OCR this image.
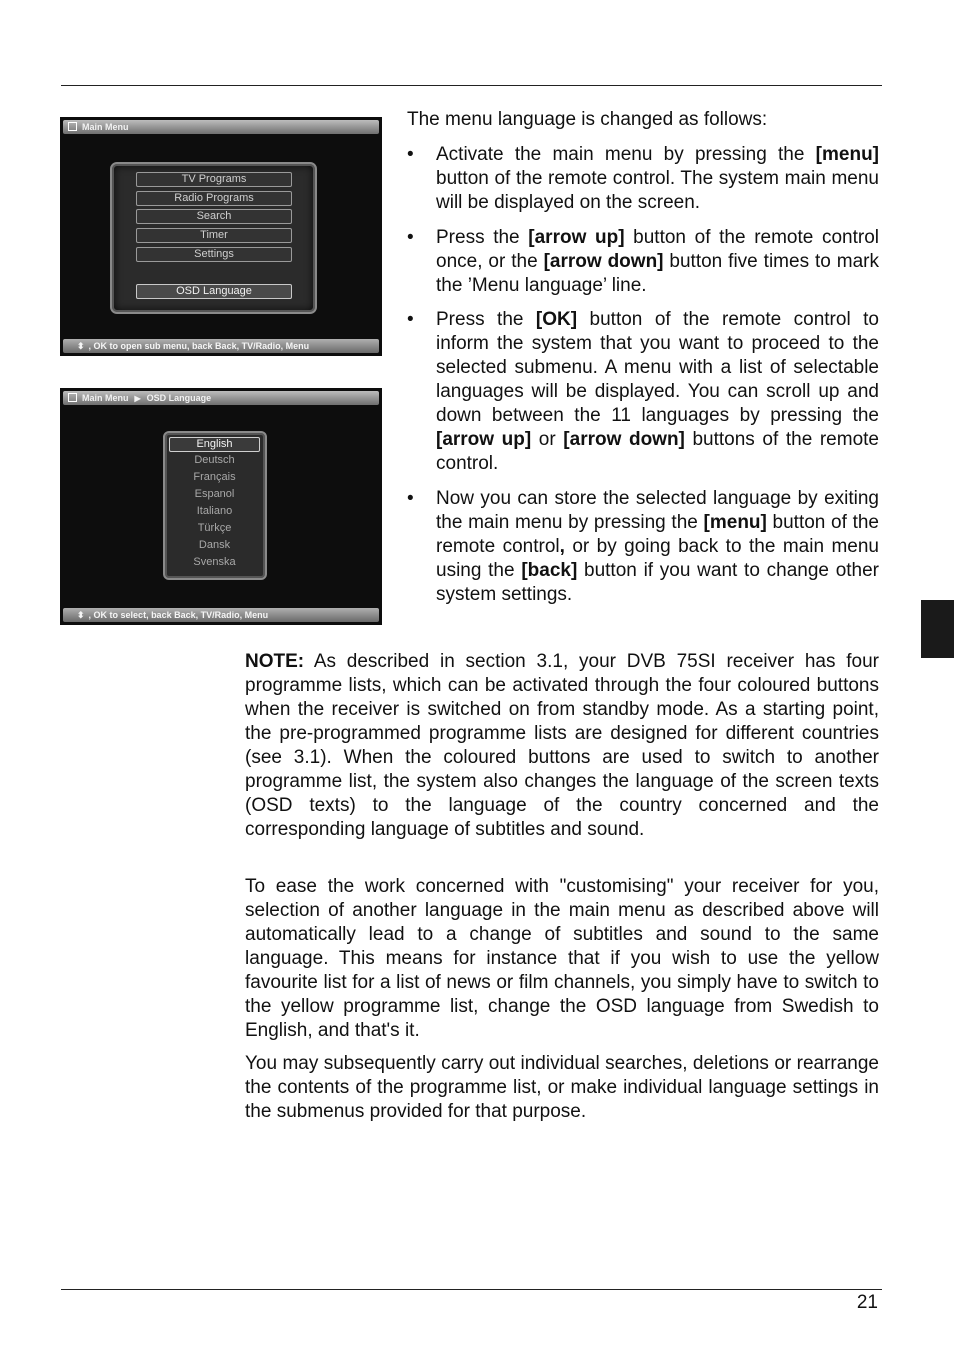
Main Menu
TV Programs
Radio Programs
Search
Timer
Settings
OSD Language
⬍ , OK to open sub menu, back Back, TV/Radio, Menu
Main Menu ▶ OSD Language
English
Deutsch
Français
Espanol
Italiano
Türkçe
Dansk
Svenska
⬍ , OK to select, back Back, TV/Radio, Menu

The menu language is changed as follows:

• Activate the main menu by pressing the [menu] button of the remote control. The system main menu will be displayed on the screen.
• Press the [arrow up] button of the remote control once, or the [arrow down] button five times to mark the ’Menu language’ line.
• Press the [OK] button of the remote control to inform the system that you want to proceed to the selected submenu. A menu with a list of selectable languages will be displayed. You can scroll up and down between the 11 languages by pressing the [arrow up] or [arrow down] buttons of the remote control.
• Now you can store the selected language by exiting the main menu by pressing the [menu] button of the remote control, or by going back to the main menu using the [back] button if you want to change other system settings.

NOTE: As described in section 3.1, your DVB 75SI receiver has four programme lists, which can be activated through the four coloured buttons when the receiver is switched on from standby mode. As a starting point, the pre-programmed programme lists are designed for different countries (see 3.1). When the coloured buttons are used to switch to another programme list, the system also changes the language of the screen texts (OSD texts) to the language of the country concerned and the corresponding language of subtitles and sound.

To ease the work concerned with "customising" your receiver for you, selection of another language in the main menu as described above will automatically lead to a change of subtitles and sound to the same language. This means for instance that if you wish to use the yellow favourite list for a list of news or film channels, you simply have to switch to the yellow programme list, change the OSD language from Swedish to English, and that's it.

You may subsequently carry out individual searches, deletions or rearrange the contents of the programme list, or make individual language settings in the submenus provided for that purpose.

21
